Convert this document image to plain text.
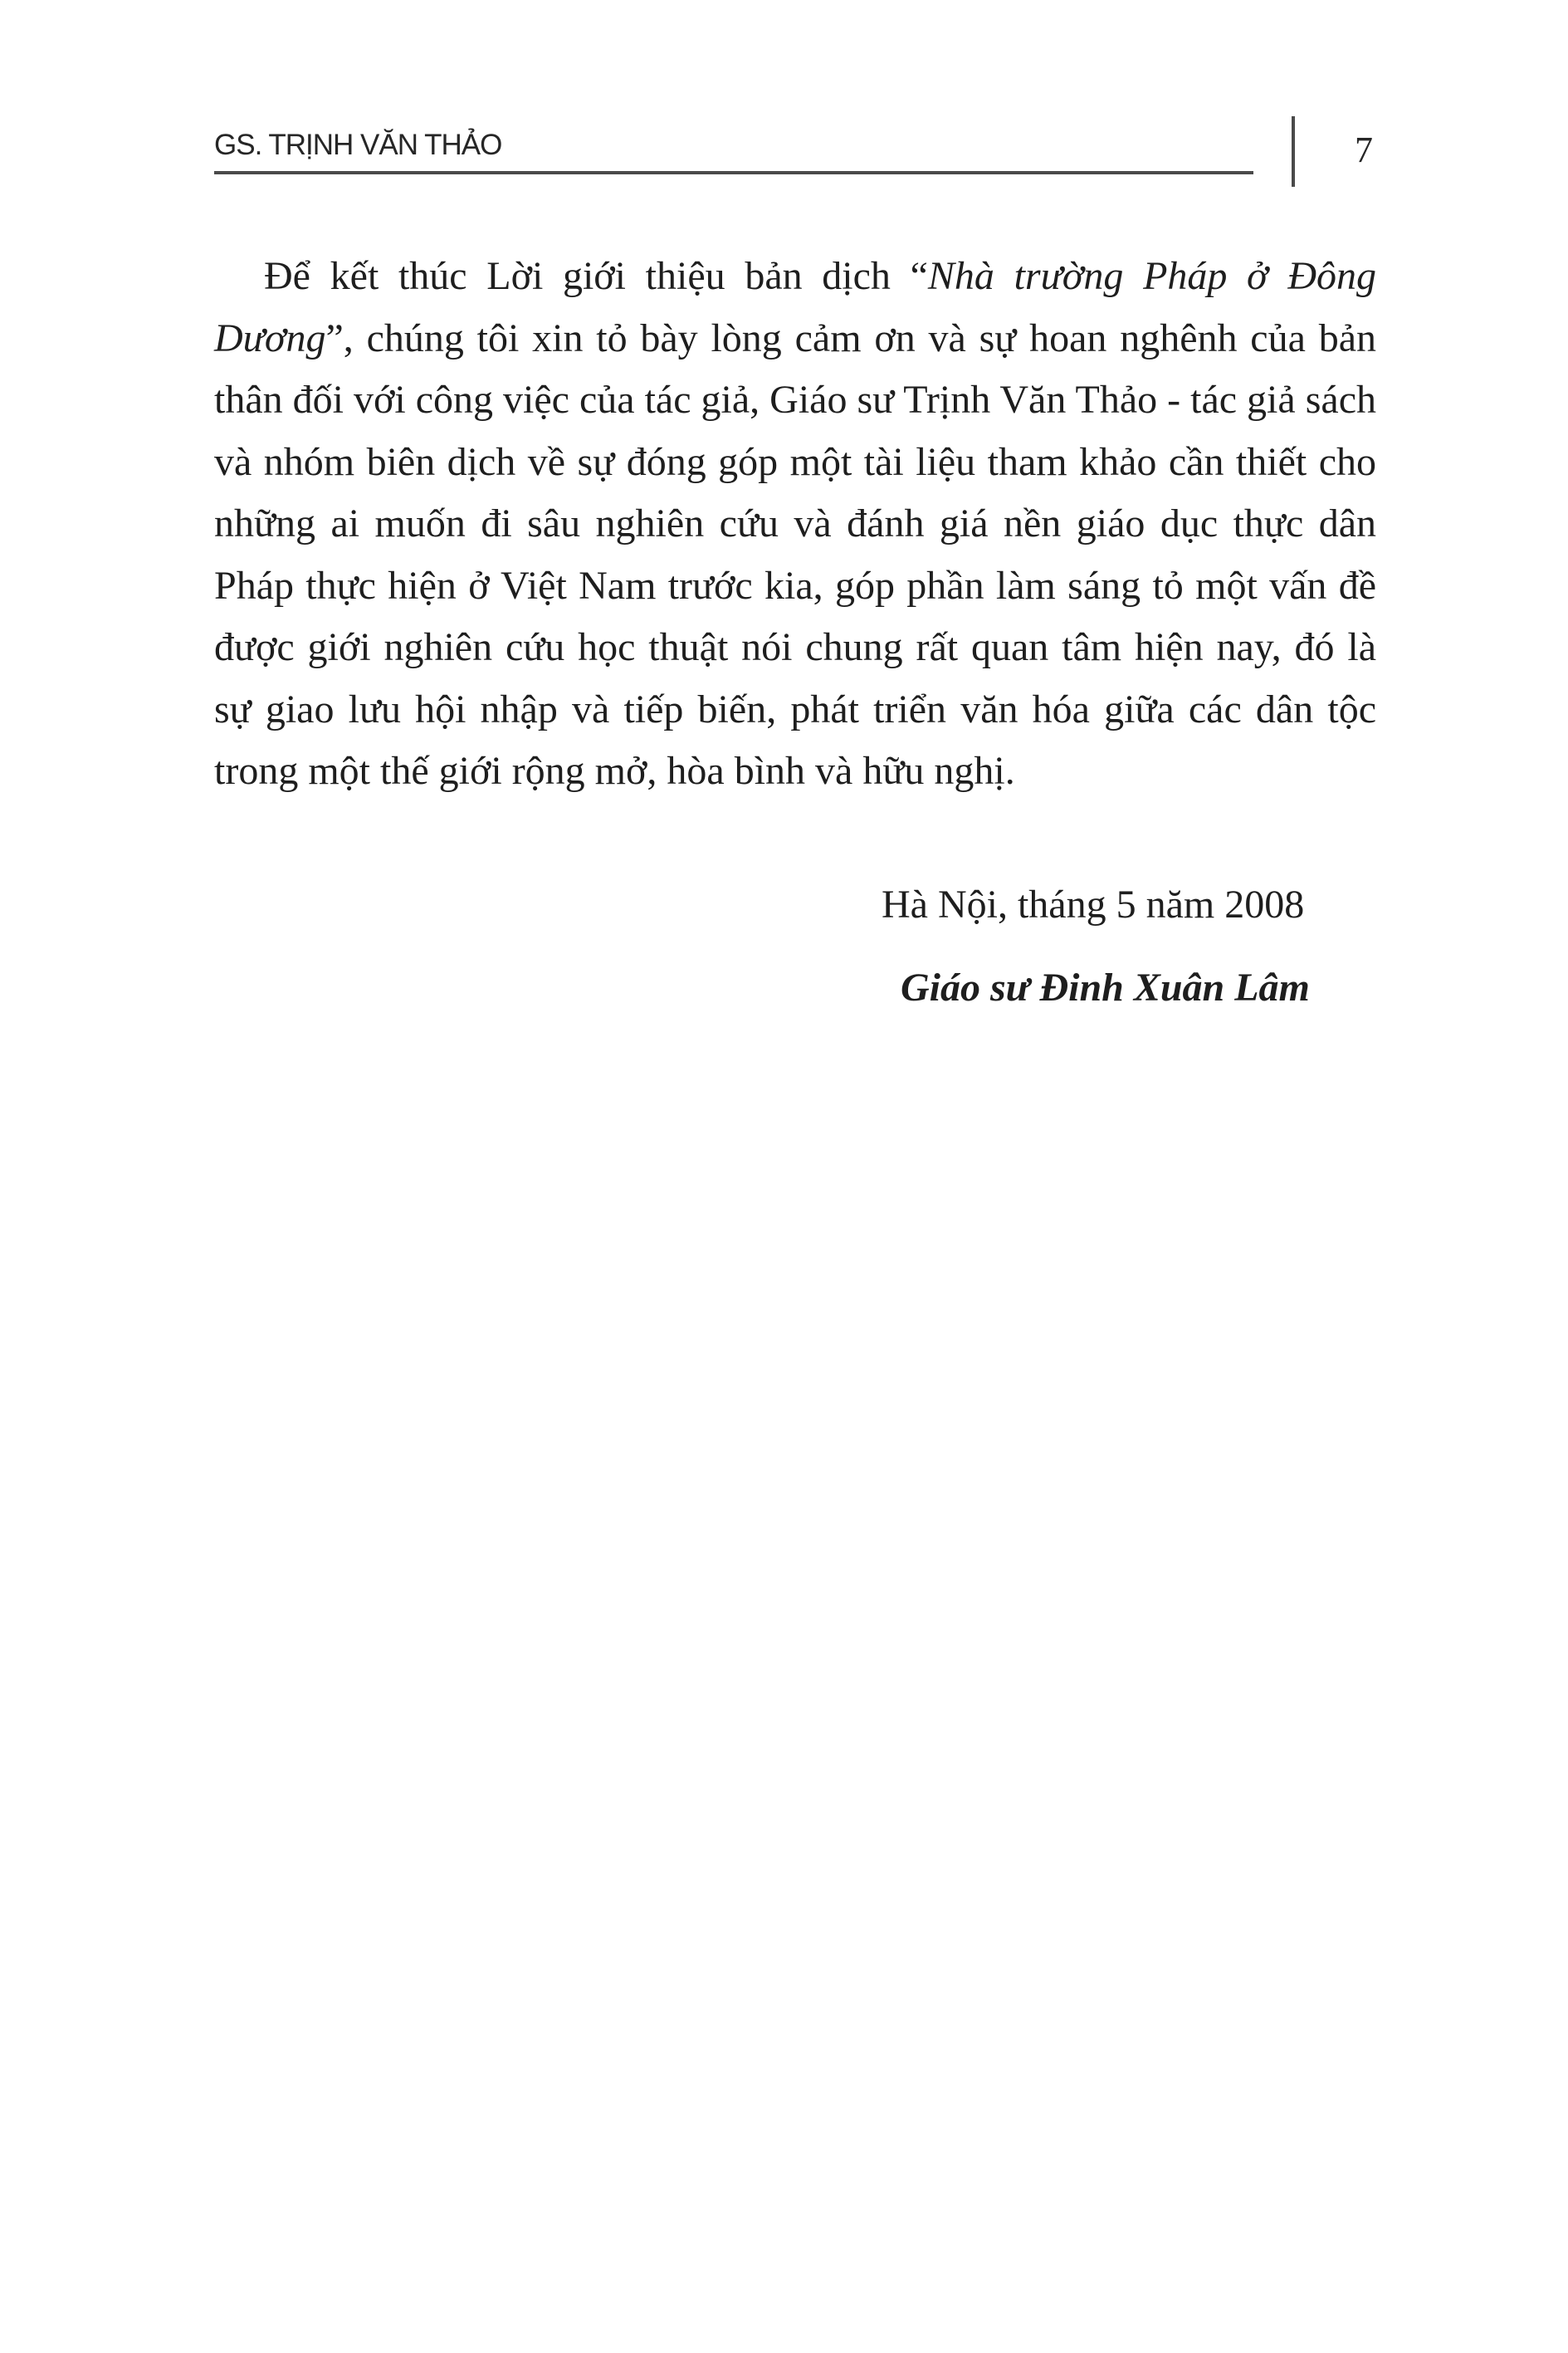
GS. TRỊNH VĂN THẢO	7

Để kết thúc Lời giới thiệu bản dịch “Nhà trường Pháp ở Đông Dương”, chúng tôi xin tỏ bày lòng cảm ơn và sự hoan nghênh của bản thân đối với công việc của tác giả, Giáo sư Trịnh Văn Thảo - tác giả sách và nhóm biên dịch về sự đóng góp một tài liệu tham khảo cần thiết cho những ai muốn đi sâu nghiên cứu và đánh giá nền giáo dục thực dân Pháp thực hiện ở Việt Nam trước kia, góp phần làm sáng tỏ một vấn đề được giới nghiên cứu học thuật nói chung rất quan tâm hiện nay, đó là sự giao lưu hội nhập và tiếp biến, phát triển văn hóa giữa các dân tộc trong một thế giới rộng mở, hòa bình và hữu nghị.

Hà Nội, tháng 5 năm 2008
Giáo sư Đinh Xuân Lâm
